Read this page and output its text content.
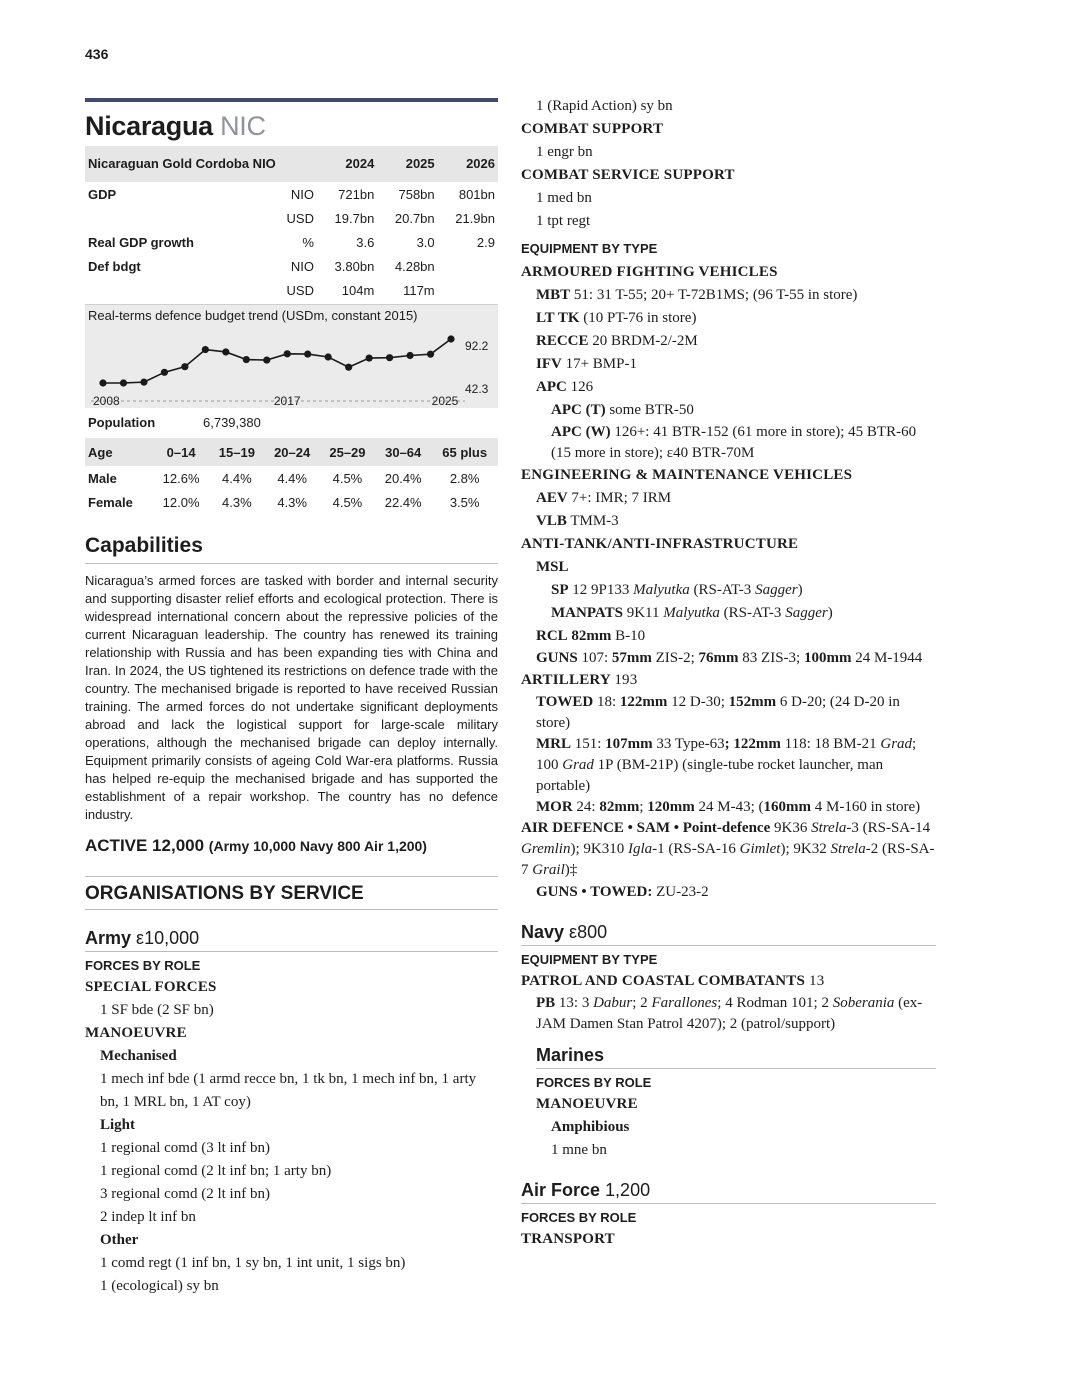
436
Nicaragua NIC
Nicaraguan Gold Cordoba NIO		2024	2025	2026
GDP	NIO	721bn	758bn	801bn
	USD	19.7bn	20.7bn	21.9bn
Real GDP growth	%	3.6	3.0	2.9
Def bdgt	NIO	3.80bn	4.28bn	
	USD	104m	117m	
Real-terms defence budget trend (USDm, constant 2015)
92.2
42.3
2008	2017	2025
Population	6,739,380
Age	0–14	15–19	20–24	25–29	30–64	65 plus
Male	12.6%	4.4%	4.4%	4.5%	20.4%	2.8%
Female	12.0%	4.3%	4.3%	4.5%	22.4%	3.5%
Capabilities
Nicaragua’s armed forces are tasked with border and internal security and supporting disaster relief efforts and ecological protection. There is widespread international concern about the repressive policies of the current Nicaraguan leadership. The country has renewed its training relationship with Russia and has been expanding ties with China and Iran. In 2024, the US tightened its restrictions on defence trade with the country. The mechanised brigade is reported to have received Russian training. The armed forces do not undertake significant deployments abroad and lack the logistical support for large-scale military operations, although the mechanised brigade can deploy internally. Equipment primarily consists of ageing Cold War-era platforms. Russia has helped re-equip the mechanised brigade and has supported the establishment of a repair workshop. The country has no defence industry.
ACTIVE 12,000 (Army 10,000 Navy 800 Air 1,200)
ORGANISATIONS BY SERVICE
Army ε10,000
FORCES BY ROLE
SPECIAL FORCES
1 SF bde (2 SF bn)
MANOEUVRE
Mechanised
1 mech inf bde (1 armd recce bn, 1 tk bn, 1 mech inf bn, 1 arty bn, 1 MRL bn, 1 AT coy)
Light
1 regional comd (3 lt inf bn)
1 regional comd (2 lt inf bn; 1 arty bn)
3 regional comd (2 lt inf bn)
2 indep lt inf bn
Other
1 comd regt (1 inf bn, 1 sy bn, 1 int unit, 1 sigs bn)
1 (ecological) sy bn
1 (Rapid Action) sy bn
COMBAT SUPPORT
1 engr bn
COMBAT SERVICE SUPPORT
1 med bn
1 tpt regt
EQUIPMENT BY TYPE
ARMOURED FIGHTING VEHICLES
MBT 51: 31 T-55; 20+ T-72B1MS; (96 T-55 in store)
LT TK (10 PT-76 in store)
RECCE 20 BRDM-2/-2M
IFV 17+ BMP-1
APC 126
APC (T) some BTR-50
APC (W) 126+: 41 BTR-152 (61 more in store); 45 BTR-60 (15 more in store); ε40 BTR-70M
ENGINEERING & MAINTENANCE VEHICLES
AEV 7+: IMR; 7 IRM
VLB TMM-3
ANTI-TANK/ANTI-INFRASTRUCTURE
MSL
SP 12 9P133 Malyutka (RS-AT-3 Sagger)
MANPATS 9K11 Malyutka (RS-AT-3 Sagger)
RCL 82mm B-10
GUNS 107: 57mm ZIS-2; 76mm 83 ZIS-3; 100mm 24 M-1944
ARTILLERY 193
TOWED 18: 122mm 12 D-30; 152mm 6 D-20; (24 D-20 in store)
MRL 151: 107mm 33 Type-63; 122mm 118: 18 BM-21 Grad; 100 Grad 1P (BM-21P) (single-tube rocket launcher, man portable)
MOR 24: 82mm; 120mm 24 M-43; (160mm 4 M-160 in store)
AIR DEFENCE • SAM • Point-defence 9K36 Strela-3 (RS-SA-14 Gremlin); 9K310 Igla-1 (RS-SA-16 Gimlet); 9K32 Strela-2 (RS-SA-7 Grail)‡
GUNS • TOWED: ZU-23-2
Navy ε800
EQUIPMENT BY TYPE
PATROL AND COASTAL COMBATANTS 13
PB 13: 3 Dabur; 2 Farallones; 4 Rodman 101; 2 Soberania (ex-JAM Damen Stan Patrol 4207); 2 (patrol/support)
Marines
FORCES BY ROLE
MANOEUVRE
Amphibious
1 mne bn
Air Force 1,200
FORCES BY ROLE
TRANSPORT
